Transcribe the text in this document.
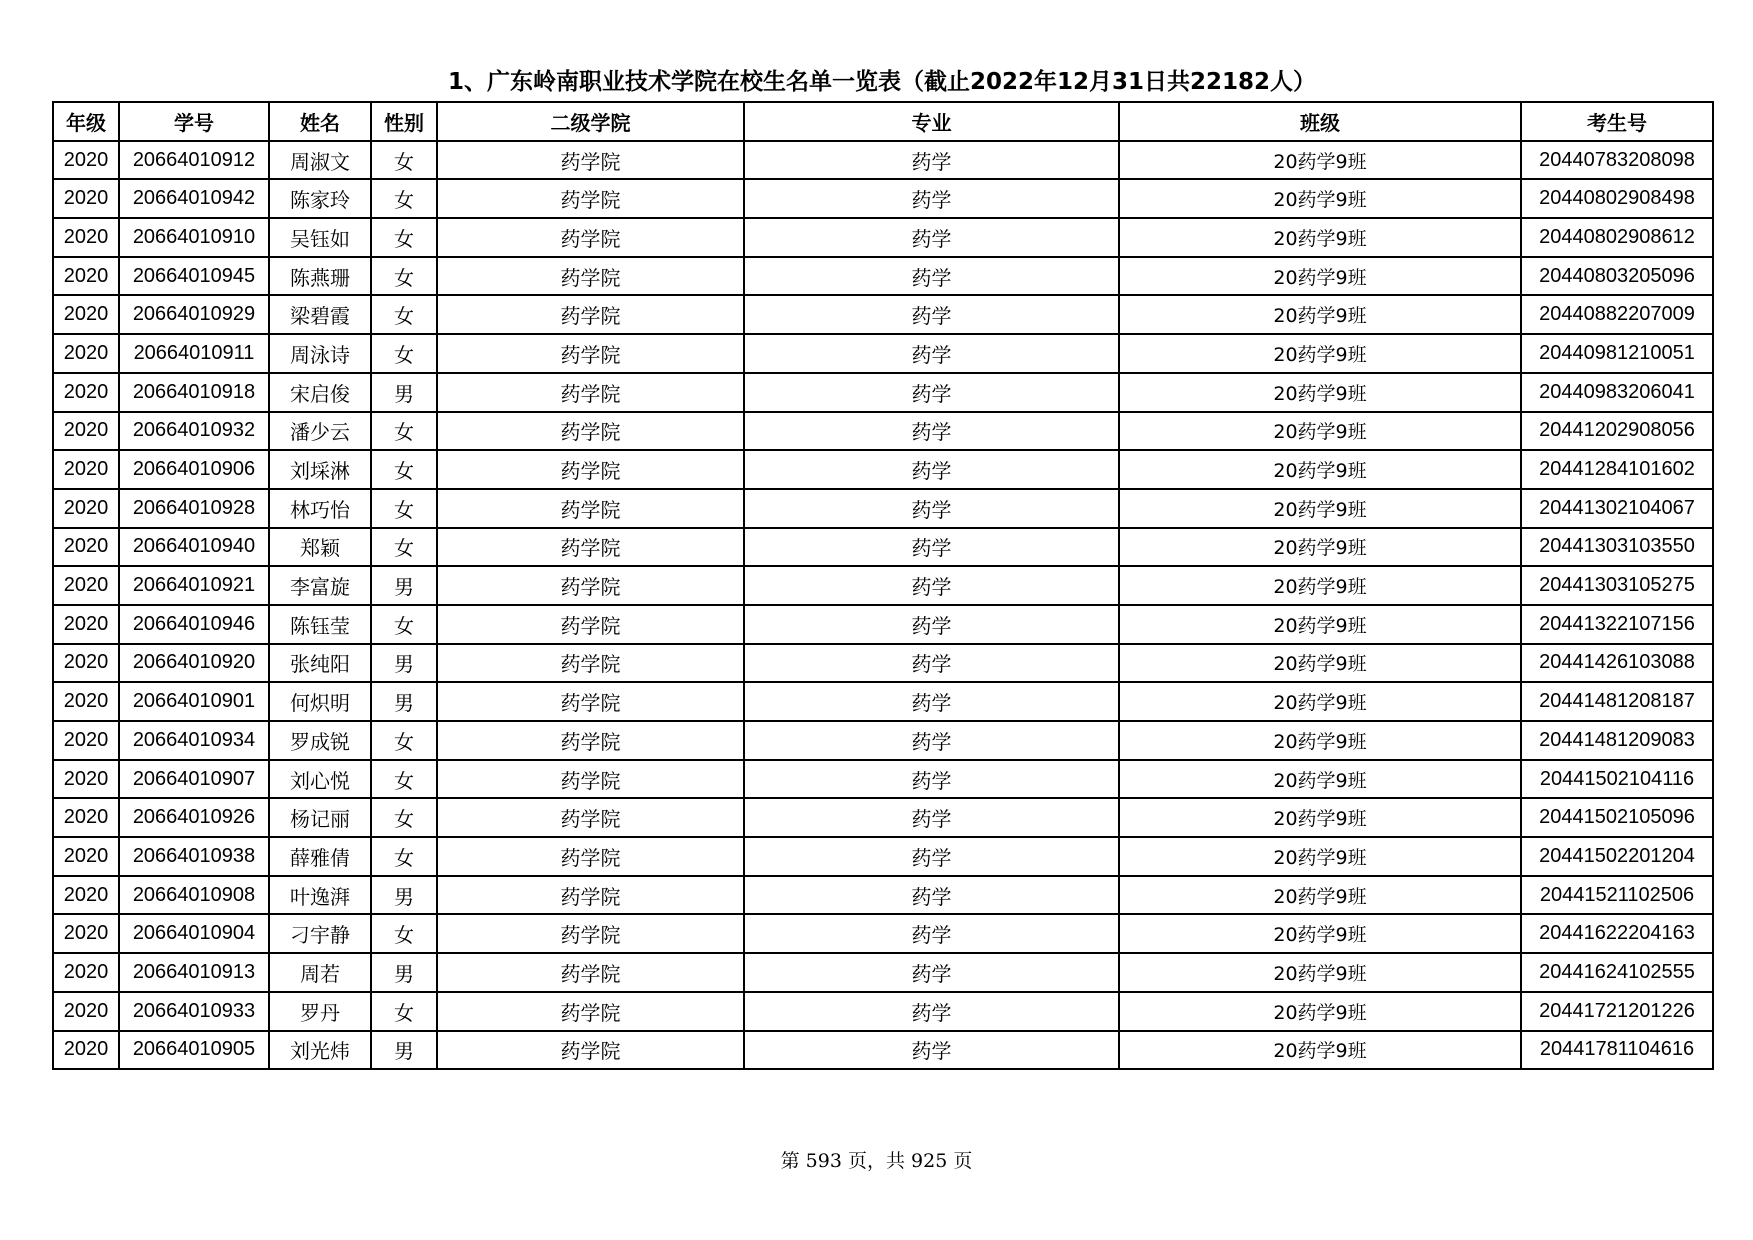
1、广东岭南职业技术学院在校生名单一览表（截止2022年12月31日共22182人）
年级	学号	姓名	性别	二级学院	专业	班级	考生号
2020	20664010912	周淑文	女	药学院	药学	20药学9班	20440783208098
2020	20664010942	陈家玲	女	药学院	药学	20药学9班	20440802908498
2020	20664010910	吴钰如	女	药学院	药学	20药学9班	20440802908612
2020	20664010945	陈燕珊	女	药学院	药学	20药学9班	20440803205096
2020	20664010929	梁碧霞	女	药学院	药学	20药学9班	20440882207009
2020	20664010911	周泳诗	女	药学院	药学	20药学9班	20440981210051
2020	20664010918	宋启俊	男	药学院	药学	20药学9班	20440983206041
2020	20664010932	潘少云	女	药学院	药学	20药学9班	20441202908056
2020	20664010906	刘埰淋	女	药学院	药学	20药学9班	20441284101602
2020	20664010928	林巧怡	女	药学院	药学	20药学9班	20441302104067
2020	20664010940	郑颖	女	药学院	药学	20药学9班	20441303103550
2020	20664010921	李富旋	男	药学院	药学	20药学9班	20441303105275
2020	20664010946	陈钰莹	女	药学院	药学	20药学9班	20441322107156
2020	20664010920	张纯阳	男	药学院	药学	20药学9班	20441426103088
2020	20664010901	何炽明	男	药学院	药学	20药学9班	20441481208187
2020	20664010934	罗成锐	女	药学院	药学	20药学9班	20441481209083
2020	20664010907	刘心悦	女	药学院	药学	20药学9班	20441502104116
2020	20664010926	杨记丽	女	药学院	药学	20药学9班	20441502105096
2020	20664010938	薛雅倩	女	药学院	药学	20药学9班	20441502201204
2020	20664010908	叶逸湃	男	药学院	药学	20药学9班	20441521102506
2020	20664010904	刁宇静	女	药学院	药学	20药学9班	20441622204163
2020	20664010913	周若	男	药学院	药学	20药学9班	20441624102555
2020	20664010933	罗丹	女	药学院	药学	20药学9班	20441721201226
2020	20664010905	刘光炜	男	药学院	药学	20药学9班	20441781104616
第 593 页，共 925 页
